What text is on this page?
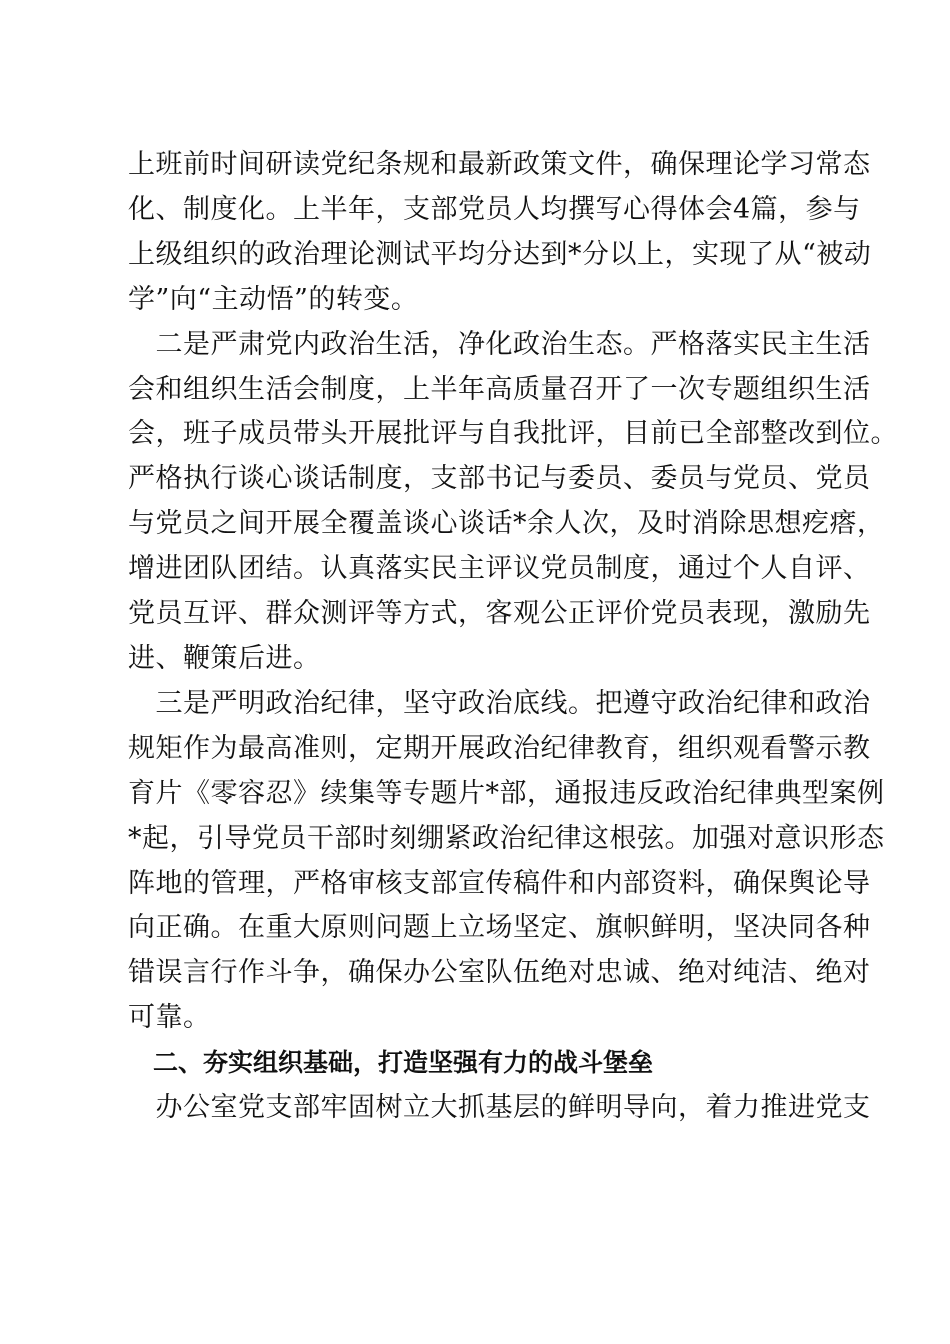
上班前时间研读党纪条规和最新政策文件，确保理论学习常态
化、制度化。上半年，支部党员人均撰写心得体会4篇，参与
上级组织的政治理论测试平均分达到*分以上，实现了从“被动
学”向“主动悟”的转变。

　二是严肃党内政治生活，净化政治生态。严格落实民主生活
会和组织生活会制度，上半年高质量召开了一次专题组织生活
会，班子成员带头开展批评与自我批评，目前已全部整改到位。
严格执行谈心谈话制度，支部书记与委员、委员与党员、党员
与党员之间开展全覆盖谈心谈话*余人次，及时消除思想疙瘩，
增进团队团结。认真落实民主评议党员制度，通过个人自评、
党员互评、群众测评等方式，客观公正评价党员表现，激励先
进、鞭策后进。

　三是严明政治纪律，坚守政治底线。把遵守政治纪律和政治
规矩作为最高准则，定期开展政治纪律教育，组织观看警示教
育片《零容忍》续集等专题片*部，通报违反政治纪律典型案例
*起，引导党员干部时刻绷紧政治纪律这根弦。加强对意识形态
阵地的管理，严格审核支部宣传稿件和内部资料，确保舆论导
向正确。在重大原则问题上立场坚定、旗帜鲜明，坚决同各种
错误言行作斗争，确保办公室队伍绝对忠诚、绝对纯洁、绝对
可靠。

　二、夯实组织基础，打造坚强有力的战斗堡垒

　办公室党支部牢固树立大抓基层的鲜明导向，着力推进党支
